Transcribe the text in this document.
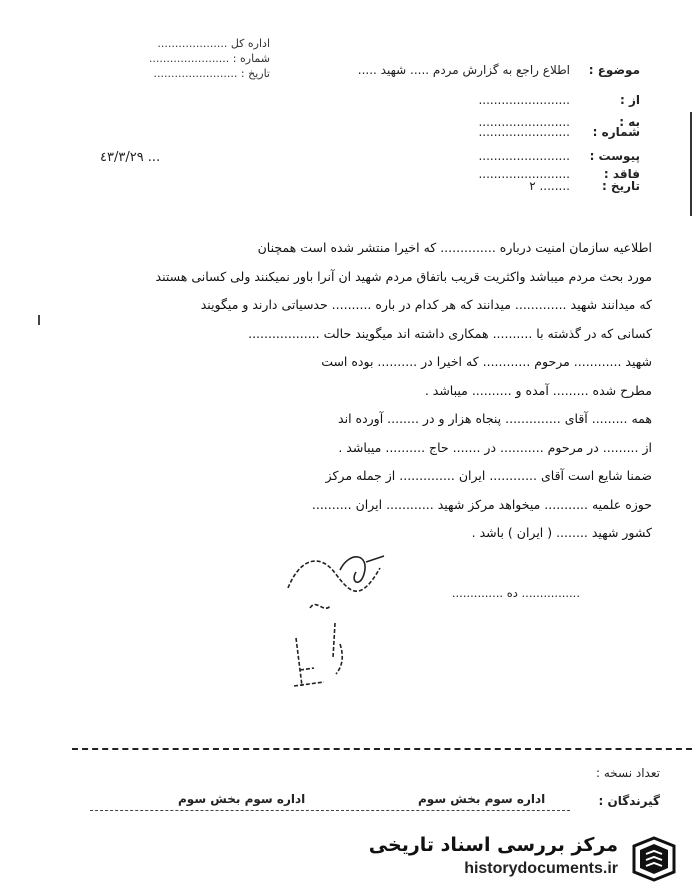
اداره کل ....................
شماره : .......................
تاریخ : ........................
٤٣/٣/٢٩ ...
موضوع :
اطلاع راجع به گزارش مردم ..... شهید .....
از :
........................
به :
........................
شماره :
........................
پیوست :
........................
فاقد :
........................
تاریخ :
........ ٢

اطلاعیه سازمان امنیت درباره .............. که اخیرا منتشر شده است همچنان

مورد بحث مردم میباشد واکثریت قریب باتفاق مردم شهید ان آنرا باور نمیکنند ولی کسانی هستند

که میدانند شهید ............. میدانند که هر کدام در باره .......... حدسیاتی دارند و میگویند

کسانی که در گذشته با .......... همکاری داشته اند میگویند حالت ..................

شهید ............ مرحوم ............ که اخیرا در .......... بوده است

مطرح شده ......... آمده و .......... میباشد .

همه ......... آقای .............. پنجاه هزار و در ........ آورده اند

از ......... در مرحوم ........... در ....... حاج .......... میباشد .

ضمنا شایع است آقای ............ ایران .............. از جمله مرکز

حوزه علمیه ........... میخواهد مرکز شهید ............ ایران ..........

کشور شهید ........ ( ایران ) باشد .

................ ده ..............
تعداد نسخه :
گیرندگان :
اداره سوم بخش سوم
اداره سوم بخش سوم
مرکز بررسی اسناد تاریخی
historydocuments.ir
